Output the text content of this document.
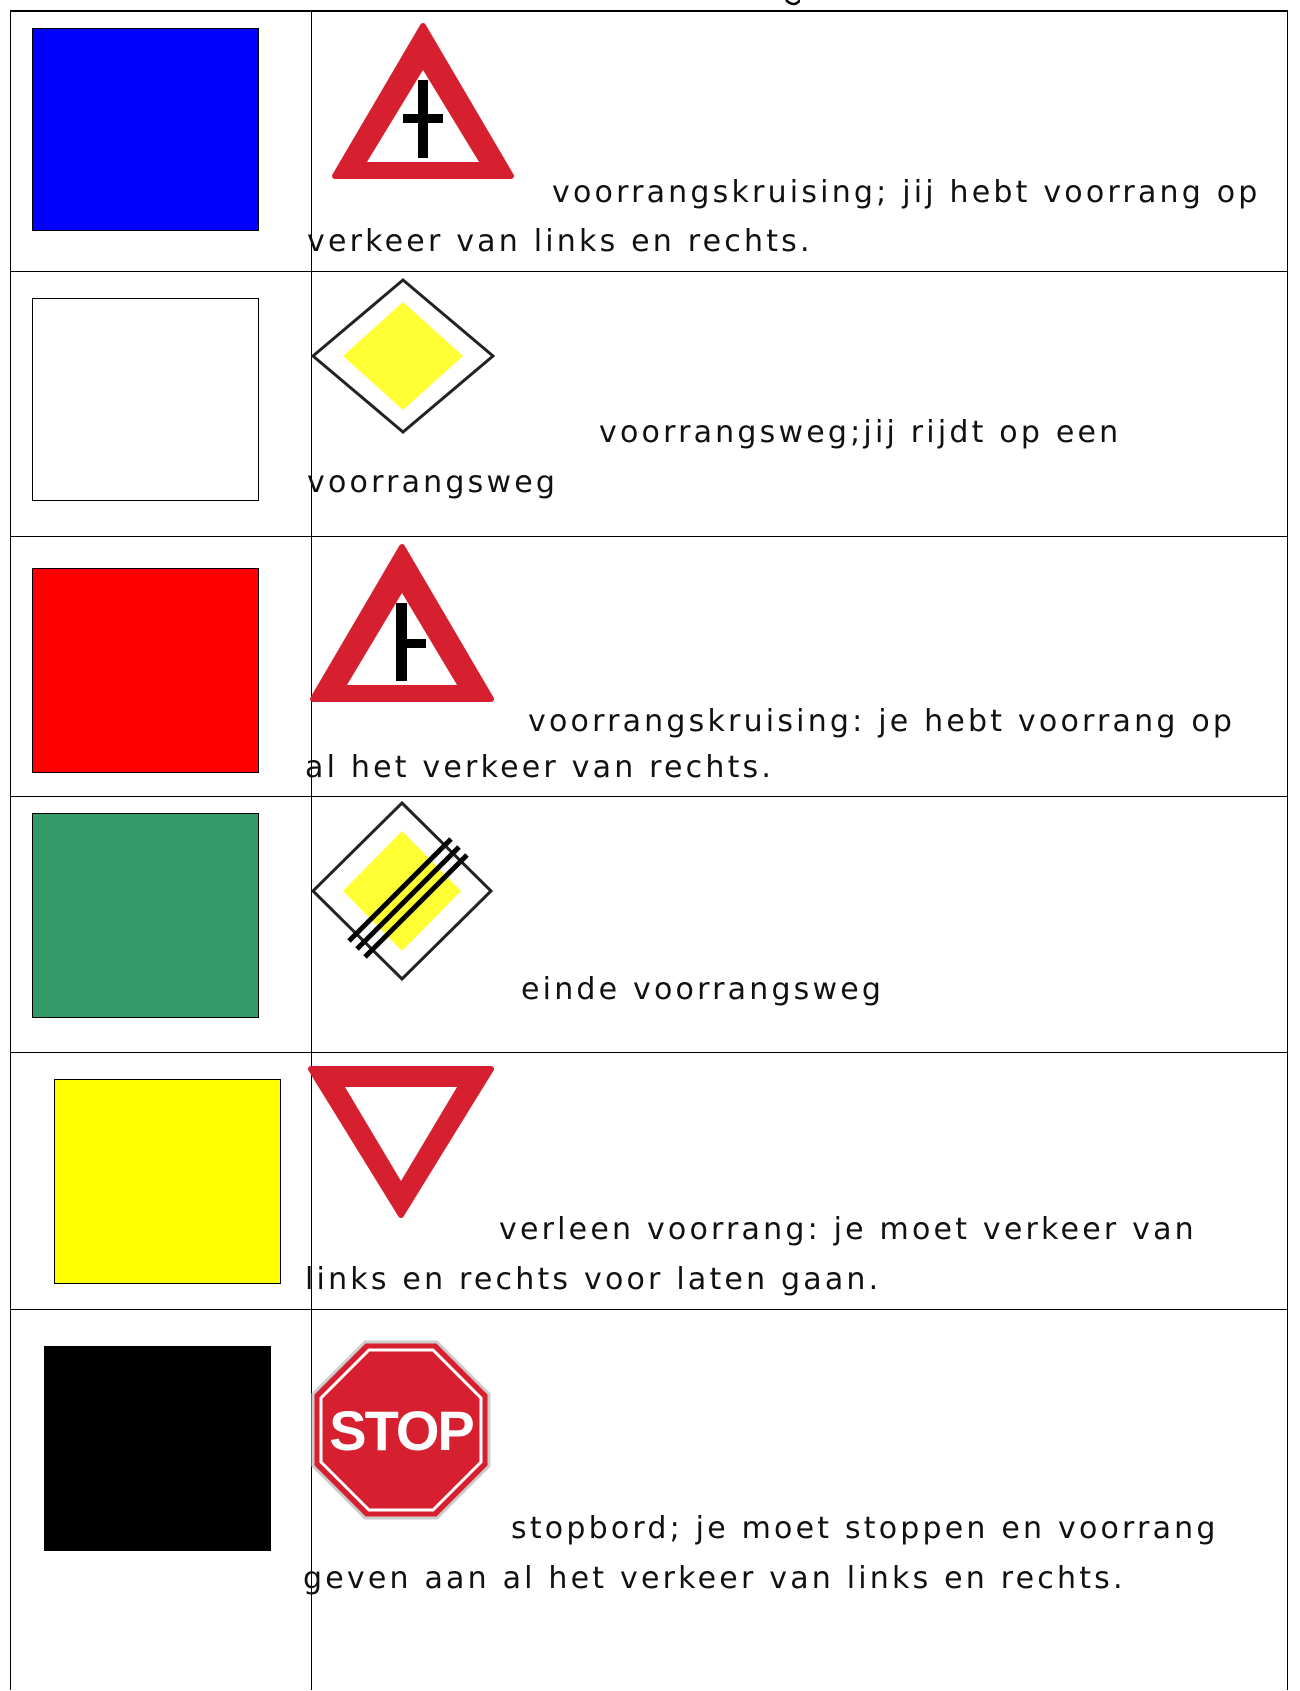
voorrangskruising; jij hebt voorrang op
verkeer van links en rechts.
voorrangsweg;jij rijdt op een
voorrangsweg
voorrangskruising: je hebt voorrang op
al het verkeer van rechts.
einde voorrangsweg
verleen voorrang: je moet verkeer van
links en rechts voor laten gaan.
STOP
stopbord; je moet stoppen en voorrang
geven aan al het verkeer van links en rechts.
